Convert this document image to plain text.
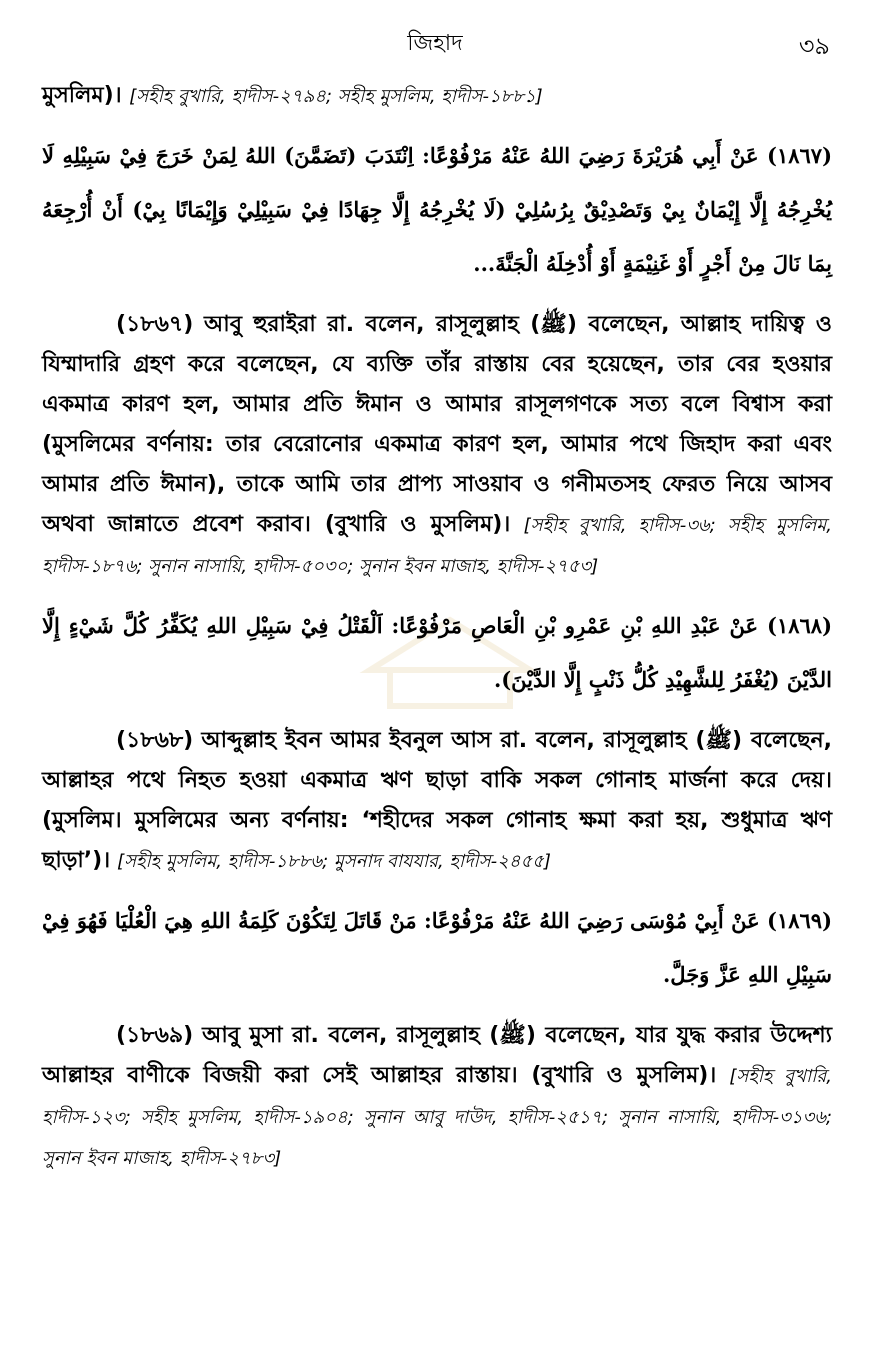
জিহাদ	৩৯

মুসলিম)। [সহীহ বুখারি, হাদীস-২৭৯৪; সহীহ মুসলিম, হাদীস-১৮৮১]

(١٨٦٧) عَنْ أَبِي هُرَيْرَةَ رَضِيَ اللهُ عَنْهُ مَرْفُوْعًا: اِنْتَدَبَ (تَضَمَّنَ) اللهُ لِمَنْ خَرَجَ فِيْ سَبِيْلِهِ لَا يُخْرِجُهُ إِلَّا إِيْمَانٌ بِيْ وَتَصْدِيْقٌ بِرُسُلِيْ (لَا يُخْرِجُهُ إِلَّا جِهَادًا فِيْ سَبِيْلِيْ وَإِيْمَانًا بِيْ) أَنْ أُرْجِعَهُ بِمَا نَالَ مِنْ أَجْرٍ أَوْ غَنِيْمَةٍ أَوْ أُدْخِلَهُ الْجَنَّةَ...

(১৮৬৭) আবু হুরাইরা রা. বলেন, রাসূলুল্লাহ (ﷺ) বলেছেন, আল্লাহ দায়িত্ব ও যিম্মাদারি গ্রহণ করে বলেছেন, যে ব্যক্তি তাঁর রাস্তায় বের হয়েছেন, তার বের হওয়ার একমাত্র কারণ হল, আমার প্রতি ঈমান ও আমার রাসূলগণকে সত্য বলে বিশ্বাস করা (মুসলিমের বর্ণনায়: তার বেরোনোর একমাত্র কারণ হল, আমার পথে জিহাদ করা এবং আমার প্রতি ঈমান), তাকে আমি তার প্রাপ্য সাওয়াব ও গনীমতসহ ফেরত নিয়ে আসব অথবা জান্নাতে প্রবেশ করাব। (বুখারি ও মুসলিম)। [সহীহ বুখারি, হাদীস-৩৬; সহীহ মুসলিম, হাদীস-১৮৭৬; সুনান নাসায়ি, হাদীস-৫০৩০; সুনান ইবন মাজাহ, হাদীস-২৭৫৩]

(١٨٦٨) عَنْ عَبْدِ اللهِ بْنِ عَمْرِو بْنِ الْعَاصِ مَرْفُوْعًا: اَلْقَتْلُ فِيْ سَبِيْلِ اللهِ يُكَفِّرُ كُلَّ شَيْءٍ إِلَّا الدَّيْنَ (يُغْفَرُ لِلشَّهِيْدِ كُلُّ ذَنْبٍ إِلَّا الدَّيْنَ).

(১৮৬৮) আব্দুল্লাহ ইবন আমর ইবনুল আস রা. বলেন, রাসূলুল্লাহ (ﷺ) বলেছেন, আল্লাহর পথে নিহত হওয়া একমাত্র ঋণ ছাড়া বাকি সকল গোনাহ মার্জনা করে দেয়। (মুসলিম। মুসলিমের অন্য বর্ণনায়: ‘শহীদের সকল গোনাহ ক্ষমা করা হয়, শুধুমাত্র ঋণ ছাড়া’)। [সহীহ মুসলিম, হাদীস-১৮৮৬; মুসনাদ বাযযার, হাদীস-২৪৫৫]

(١٨٦٩) عَنْ أَبِيْ مُوْسَى رَضِيَ اللهُ عَنْهُ مَرْفُوْعًا: مَنْ قَاتَلَ لِتَكُوْنَ كَلِمَةُ اللهِ هِيَ الْعُلْيَا فَهُوَ فِيْ سَبِيْلِ اللهِ عَزَّ وَجَلَّ.

(১৮৬৯) আবু মুসা রা. বলেন, রাসূলুল্লাহ (ﷺ) বলেছেন, যার যুদ্ধ করার উদ্দেশ্য আল্লাহর বাণীকে বিজয়ী করা সেই আল্লাহর রাস্তায়। (বুখারি ও মুসলিম)। [সহীহ বুখারি, হাদীস-১২৩; সহীহ মুসলিম, হাদীস-১৯০৪; সুনান আবু দাউদ, হাদীস-২৫১৭; সুনান নাসায়ি, হাদীস-৩১৩৬; সুনান ইবন মাজাহ, হাদীস-২৭৮৩]
